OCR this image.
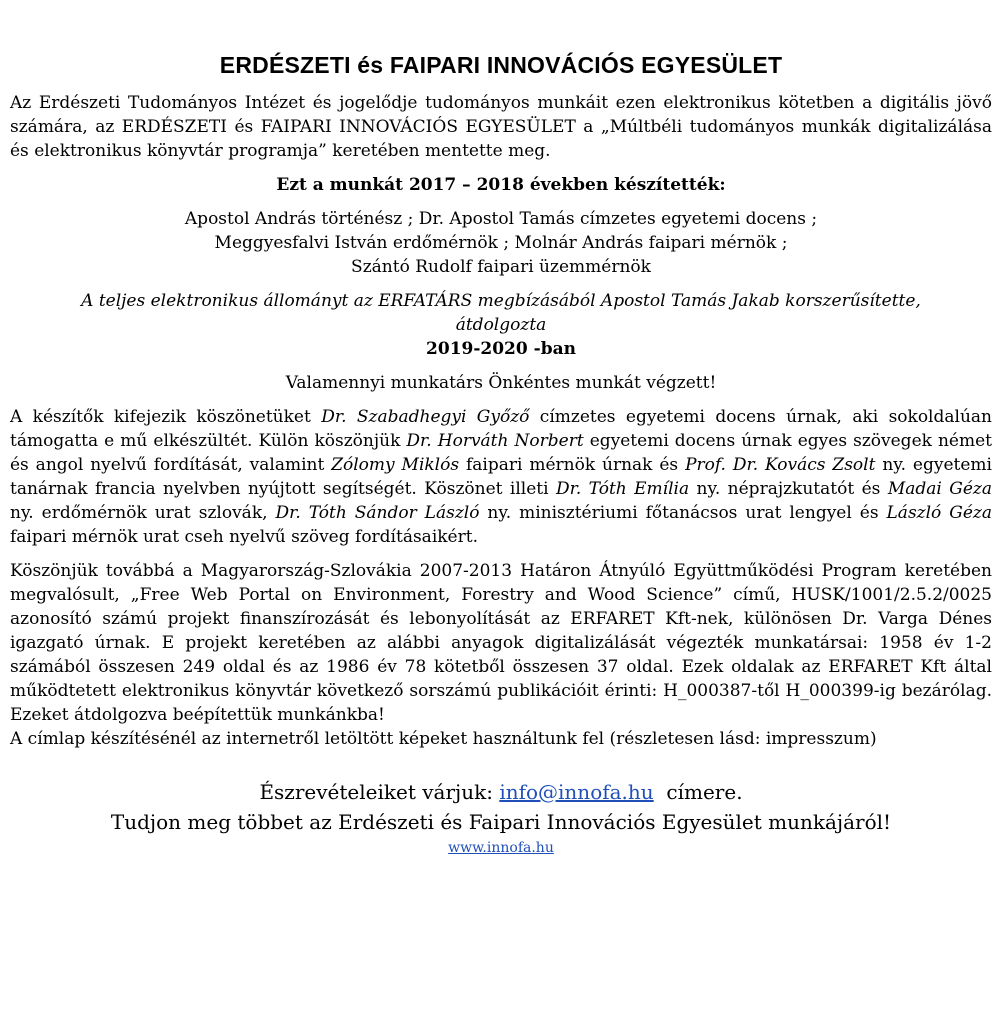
ERDÉSZETI és FAIPARI INNOVÁCIÓS EGYESÜLET

Az Erdészeti Tudományos Intézet és jogelődje tudományos munkáit ezen elektronikus kötetben a digitális jövő számára, az ERDÉSZETI és FAIPARI INNOVÁCIÓS EGYESÜLET a „Múltbéli tudományos munkák digitalizálása és elektronikus könyvtár programja” keretében mentette meg.

Ezt a munkát 2017 – 2018 években készítették:

Apostol András történész ; Dr. Apostol Tamás címzetes egyetemi docens ;

Meggyesfalvi István erdőmérnök ; Molnár András faipari mérnök ;

Szántó Rudolf faipari üzemmérnök

A teljes elektronikus állományt az ERFATÁRS megbízásából Apostol Tamás Jakab korszerűsítette,

átdolgozta

2019-2020 -ban

Valamennyi munkatárs Önkéntes munkát végzett!

A készítők kifejezik köszönetüket Dr. Szabadhegyi Győző címzetes egyetemi docens úrnak, aki sokoldalúan támogatta e mű elkészültét. Külön köszönjük Dr. Horváth Norbert egyetemi docens úrnak egyes szövegek német és angol nyelvű fordítását, valamint Zólomy Miklós faipari mérnök úrnak és Prof. Dr. Kovács Zsolt ny. egyetemi tanárnak francia nyelvben nyújtott segítségét. Köszönet illeti Dr. Tóth Emília ny. néprajzkutatót és Madai Géza ny. erdőmérnök urat szlovák, Dr. Tóth Sándor László ny. minisztériumi főtanácsos urat lengyel és László Géza faipari mérnök urat cseh nyelvű szöveg fordításaikért.

Köszönjük továbbá a Magyarország-Szlovákia 2007-2013 Határon Átnyúló Együttműködési Program keretében megvalósult, „Free Web Portal on Environment, Forestry and Wood Science” című, HUSK/1001/2.5.2/0025 azonosító számú projekt finanszírozását és lebonyolítását az ERFARET Kft-nek, különösen Dr. Varga Dénes igazgató úrnak. E projekt keretében az alábbi anyagok digitalizálását végezték munkatársai: 1958 év 1-2 számából összesen 249 oldal és az 1986 év 78 kötetből összesen 37 oldal. Ezek oldalak az ERFARET Kft által működtetett elektronikus könyvtár következő sorszámú publikációit érinti: H_000387-től H_000399-ig bezárólag. Ezeket átdolgozva beépítettük munkánkba!

A címlap készítésénél az internetről letöltött képeket használtunk fel (részletesen lásd: impresszum)

Észrevételeiket várjuk: info@innofa.hu  címere.

Tudjon meg többet az Erdészeti és Faipari Innovációs Egyesület munkájáról!

www.innofa.hu
